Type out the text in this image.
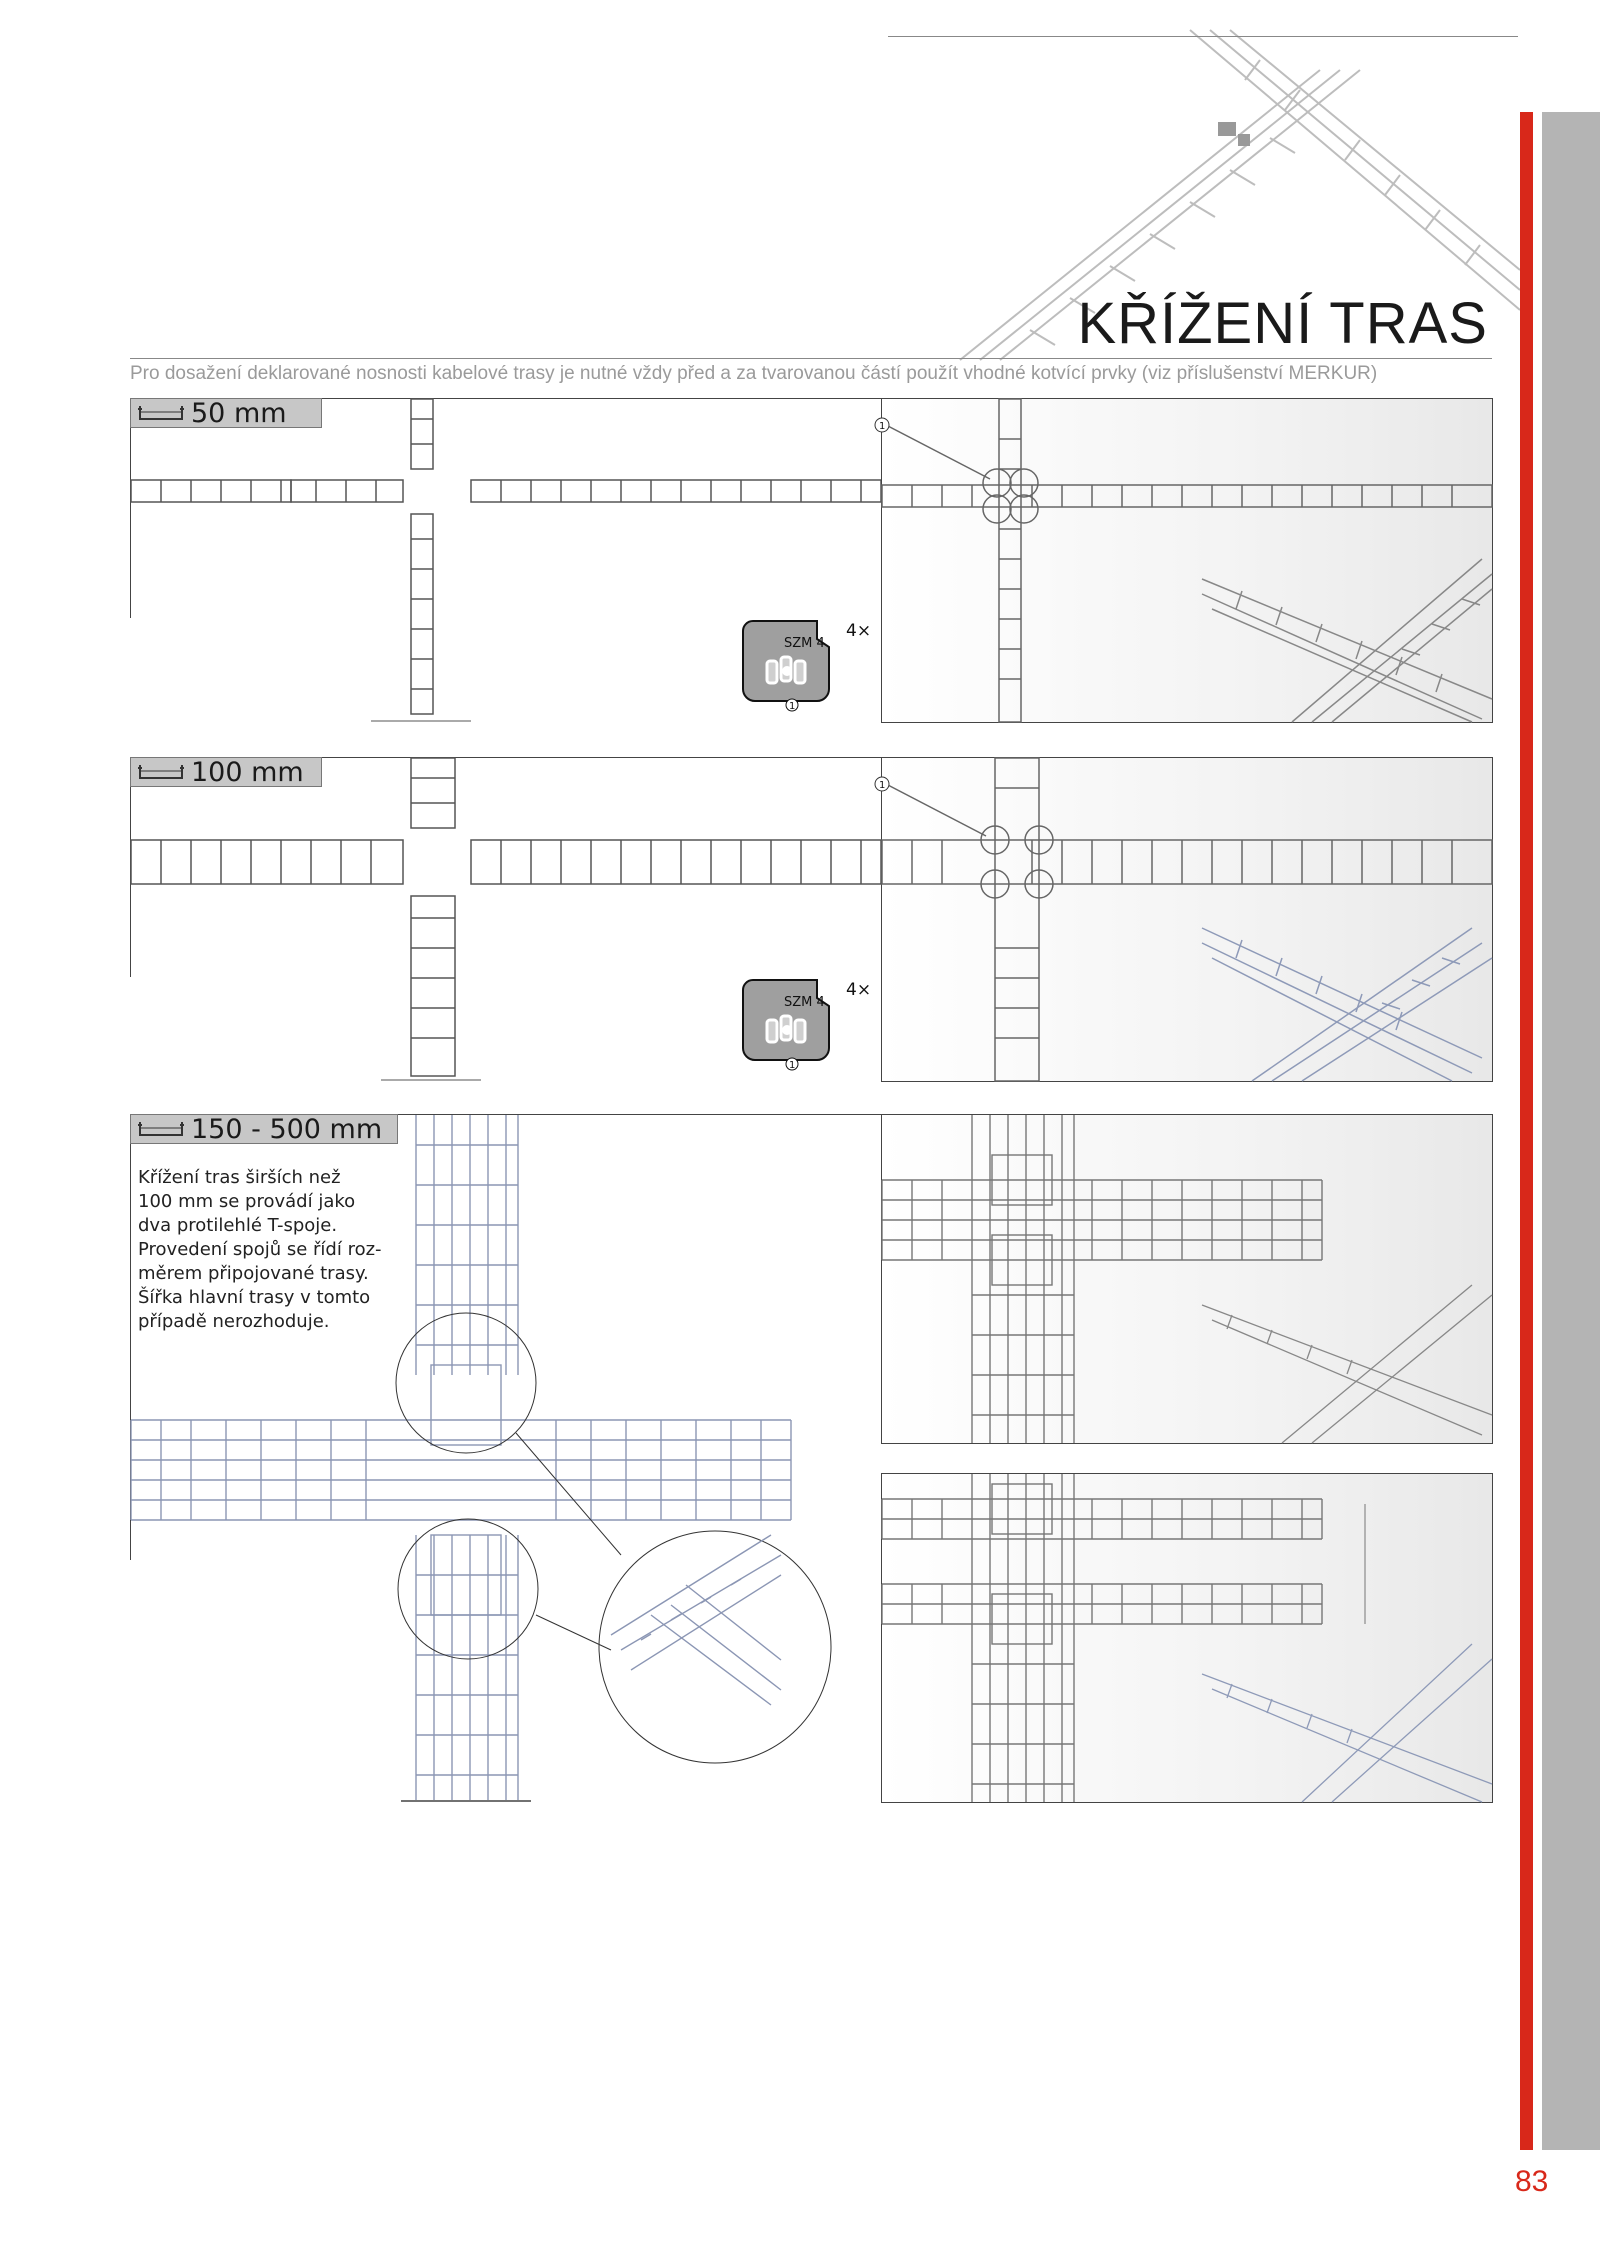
KŘÍŽENÍ TRAS
Pro dosažení deklarované nosnosti kabelové trasy je nutné vždy před a za tvarovanou částí použít vhodné kotvící prvky (viz příslušenství MERKUR)
83
50 mm
SZM 4
4×
1
1
100 mm
SZM 4
4×
1
1
150 - 500 mm
Křížení tras širších než
100 mm se provádí jako
dva protilehlé T-spoje.
Provedení spojů se řídí roz-
měrem připojované trasy.
Šířka hlavní trasy v tomto
případě nerozhoduje.
